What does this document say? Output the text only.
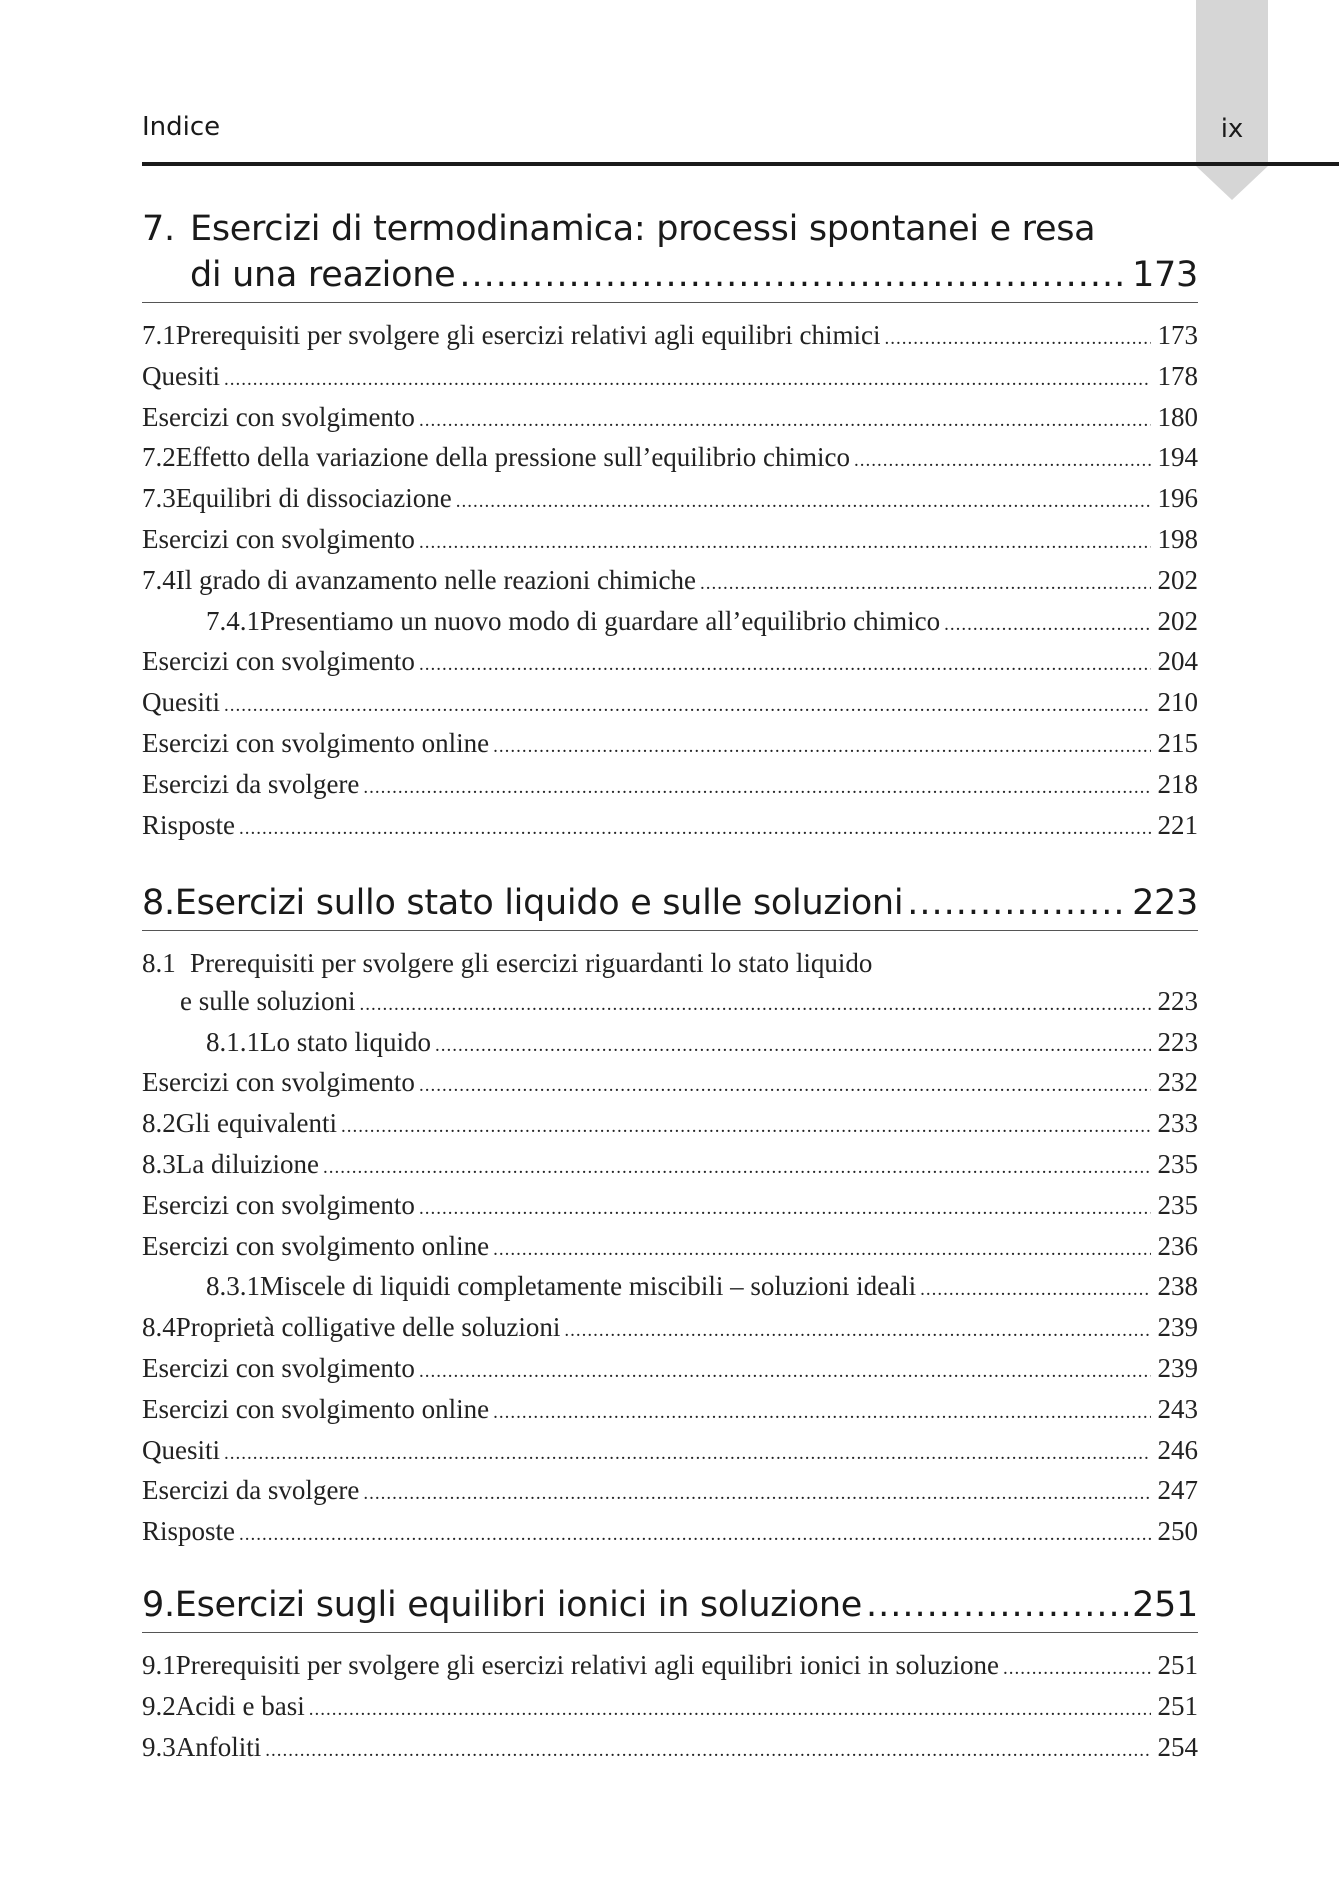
Indice	ix
7. Esercizi di termodinamica: processi spontanei e resa
di una reazione .....	173
7.1 Prerequisiti per svolgere gli esercizi relativi agli equilibri chimici .....	173
Quesiti .....	178
Esercizi con svolgimento .....	180
7.2 Effetto della variazione della pressione sull’equilibrio chimico .....	194
7.3 Equilibri di dissociazione .....	196
Esercizi con svolgimento .....	198
7.4 Il grado di avanzamento nelle reazioni chimiche .....	202
7.4.1 Presentiamo un nuovo modo di guardare all’equilibrio chimico .....	202
Esercizi con svolgimento .....	204
Quesiti .....	210
Esercizi con svolgimento online .....	215
Esercizi da svolgere .....	218
Risposte .....	221
8. Esercizi sullo stato liquido e sulle soluzioni .....	223
8.1 Prerequisiti per svolgere gli esercizi riguardanti lo stato liquido
e sulle soluzioni .....	223
8.1.1 Lo stato liquido .....	223
Esercizi con svolgimento .....	232
8.2 Gli equivalenti .....	233
8.3 La diluizione .....	235
Esercizi con svolgimento .....	235
Esercizi con svolgimento online .....	236
8.3.1 Miscele di liquidi completamente miscibili – soluzioni ideali .....	238
8.4 Proprietà colligative delle soluzioni .....	239
Esercizi con svolgimento .....	239
Esercizi con svolgimento online .....	243
Quesiti .....	246
Esercizi da svolgere .....	247
Risposte .....	250
9. Esercizi sugli equilibri ionici in soluzione .....	251
9.1 Prerequisiti per svolgere gli esercizi relativi agli equilibri ionici in soluzione .....	251
9.2 Acidi e basi .....	251
9.3 Anfoliti .....	254
